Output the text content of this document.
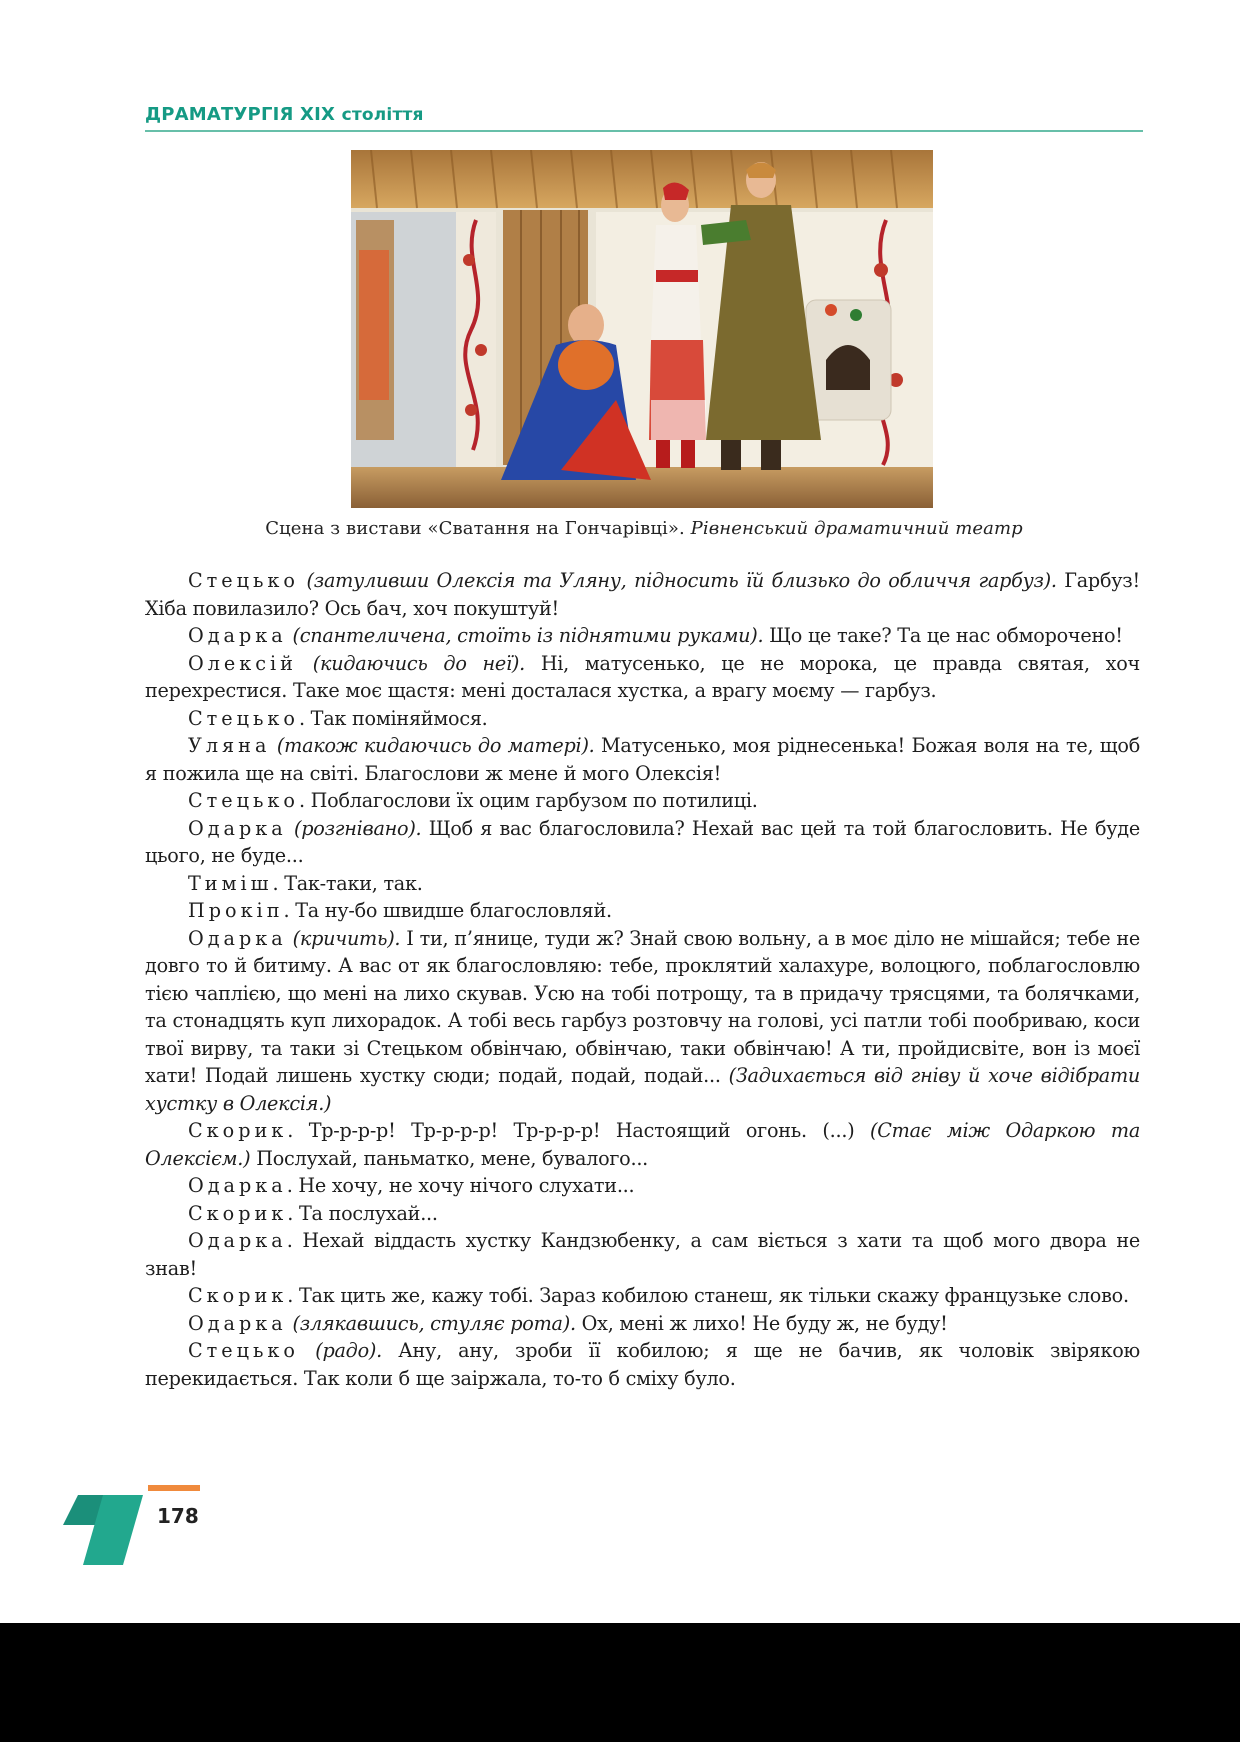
ДРАМАТУРГІЯ XIX століття
Сцена з вистави «Сватання на Гончарівці». Рівненський драматичний театр

Стецько (затуливши Олексія та Уляну, підносить їй близько до обличчя гарбуз). Гарбуз! Хіба повилазило? Ось бач, хоч покуштуй!

Одарка (спантеличена, стоїть із піднятими руками). Що це таке? Та це нас обморочено!

Олексій (кидаючись до неї). Ні, матусенько, це не морока, це правда святая, хоч перехрестися. Таке моє щастя: мені досталася хустка, а врагу моєму — гарбуз.

Стецько. Так поміняймося.

Уляна (також кидаючись до матері). Матусенько, моя ріднесенька! Божая воля на те, щоб я пожила ще на світі. Благослови ж мене й мого Олексія!

Стецько. Поблагослови їх оцим гарбузом по потилиці.

Одарка (розгнівано). Щоб я вас благословила? Нехай вас цей та той благословить. Не буде цього, не буде...

Тиміш. Так-таки, так.

Прокіп. Та ну-бо швидше благословляй.

Одарка (кричить). І ти, п’янице, туди ж? Знай свою вольну, а в моє діло не мішайся; тебе не довго то й битиму. А вас от як благословляю: тебе, проклятий халахуре, волоцюго, поблагословлю тією чаплією, що мені на лихо скував. Усю на тобі потрощу, та в придачу трясцями, та болячками, та стонадцять куп лихорадок. А тобі весь гарбуз розтовчу на голові, усі патли тобі пообриваю, коси твої вирву, та таки зі Стецьком обвінчаю, обвінчаю, таки обвінчаю! А ти, пройдисвіте, вон із моєї хати! Подай лишень хустку сюди; подай, подай, подай... (Задихається від гніву й хоче відібрати хустку в Олексія.)

Скорик. Тр-р-р-р! Тр-р-р-р! Тр-р-р-р! Настоящий огонь. (...) (Стає між Одаркою та Олексієм.) Послухай, паньматко, мене, бувалого...

Одарка. Не хочу, не хочу нічого слухати...

Скорик. Та послухай...

Одарка. Нехай віддасть хустку Кандзюбенку, а сам віється з хати та щоб мого двора не знав!

Скорик. Так цить же, кажу тобі. Зараз кобилою станеш, як тільки скажу французьке слово.

Одарка (злякавшись, стуляє рота). Ох, мені ж лихо! Не буду ж, не буду!

Стецько (радо). Ану, ану, зроби її кобилою; я ще не бачив, як чоловік звірякою перекидається. Так коли б ще заіржала, то-то б сміху було.

178
